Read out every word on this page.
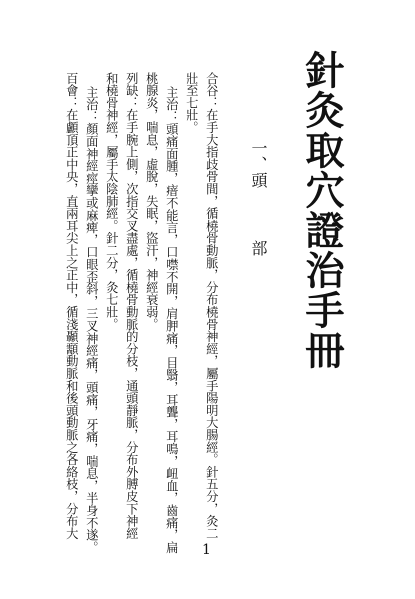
針灸取穴證治手冊
一、頭
部
合谷：在手大指歧骨間，循橈骨動脈，分布橈骨神經，屬手陽明大腸經。針五分，灸二
壯至七壯。
主治：頭痛面腫，瘖不能言，口噤不開，肩胛痛，目翳，耳聾，耳鳴，衄血，齒痛，扁
桃腺炎，喘息，虛脫，失眠，盜汗，神經衰弱。
列缺：在手腕上側，次指交叉盡處，循橈骨動脈的分枝，通頭靜脈，分布外膊皮下神經
和橈骨神經，屬手太陰肺經。針二分，灸七壯。
主治：顏面神經痙攣或麻痺，口眼歪斜，三叉神經痛，頭痛，牙痛，喘息，半身不遂。
百會：在顱頂正中央，直兩耳尖上之正中，循淺顳顬動脈和後頭動脈之各絡枝，分布大
1
